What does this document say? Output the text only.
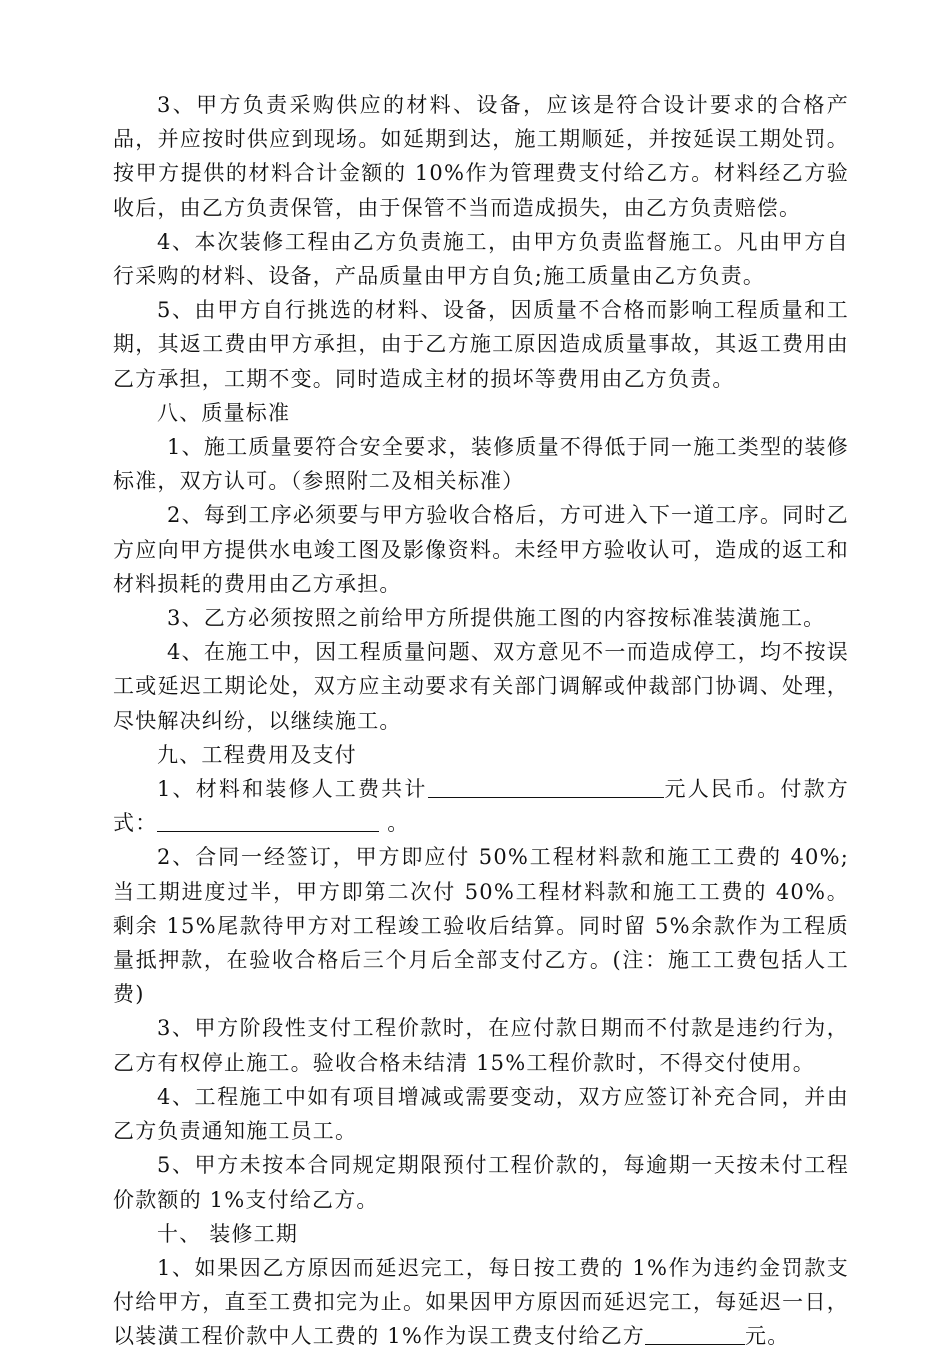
3、甲方负责采购供应的材料、设备，应该是符合设计要求的合格产品，并应按时供应到现场。如延期到达，施工期顺延，并按延误工期处罚。按甲方提供的材料合计金额的 10%作为管理费支付给乙方。材料经乙方验收后，由乙方负责保管，由于保管不当而造成损失，由乙方负责赔偿。

4、本次装修工程由乙方负责施工，由甲方负责监督施工。凡由甲方自行采购的材料、设备，产品质量由甲方自负;施工质量由乙方负责。

5、由甲方自行挑选的材料、设备，因质量不合格而影响工程质量和工期，其返工费由甲方承担，由于乙方施工原因造成质量事故，其返工费用由乙方承担，工期不变。同时造成主材的损坏等费用由乙方负责。

八、质量标准

1、施工质量要符合安全要求，装修质量不得低于同一施工类型的装修标准，双方认可。（参照附二及相关标准）

2、每到工序必须要与甲方验收合格后，方可进入下一道工序。同时乙方应向甲方提供水电竣工图及影像资料。未经甲方验收认可，造成的返工和材料损耗的费用由乙方承担。

3、乙方必须按照之前给甲方所提供施工图的内容按标准装潢施工。

4、在施工中，因工程质量问题、双方意见不一而造成停工，均不按误工或延迟工期论处，双方应主动要求有关部门调解或仲裁部门协调、处理，尽快解决纠纷，以继续施工。

九、工程费用及支付

1、材料和装修人工费共计	元人民币。付款方式：	。

2、合同一经签订，甲方即应付 50%工程材料款和施工工费的 40%;当工期进度过半，甲方即第二次付 50%工程材料款和施工工费的 40%。剩余 15%尾款待甲方对工程竣工验收后结算。同时留 5%余款作为工程质量抵押款，在验收合格后三个月后全部支付乙方。(注：施工工费包括人工费)

3、甲方阶段性支付工程价款时，在应付款日期而不付款是违约行为，乙方有权停止施工。验收合格未结清 15%工程价款时，不得交付使用。

4、工程施工中如有项目增减或需要变动，双方应签订补充合同，并由乙方负责通知施工员工。

5、甲方未按本合同规定期限预付工程价款的，每逾期一天按未付工程价款额的 1%支付给乙方。

十、 装修工期

1、如果因乙方原因而延迟完工，每日按工费的 1%作为违约金罚款支付给甲方，直至工费扣完为止。如果因甲方原因而延迟完工，每延迟一日，以装潢工程价款中人工费的 1%作为误工费支付给乙方	元。
